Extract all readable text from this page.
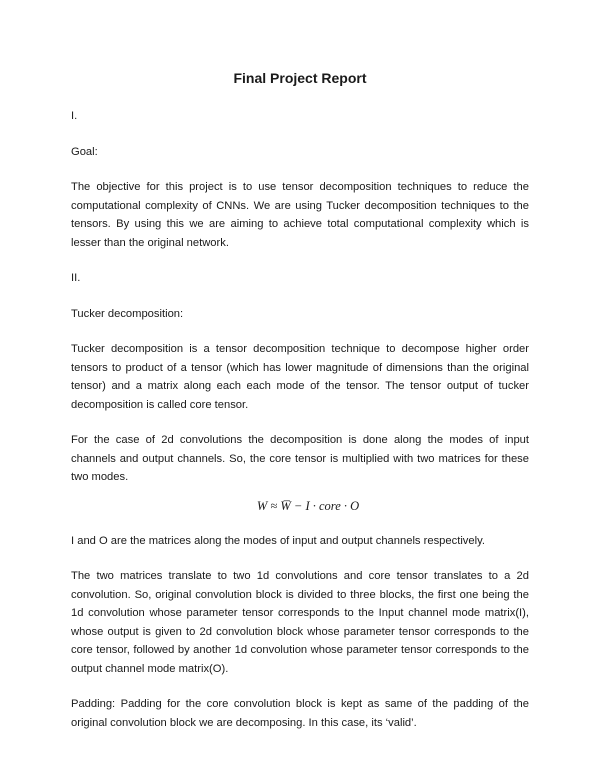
Final Project Report

I.

Goal:

The objective for this project is to use tensor decomposition techniques to reduce the computational complexity of CNNs. We are using Tucker decomposition techniques to the tensors. By using this we are aiming to achieve total computational complexity which is lesser than the original network.

II.

Tucker decomposition:

Tucker decomposition is a tensor decomposition technique to decompose higher order tensors to product of a tensor (which has lower magnitude of dimensions than the original tensor) and a matrix along each each mode of the tensor. The tensor output of tucker decomposition is called core tensor.

For the case of 2d convolutions the decomposition is done along the modes of input channels and output channels. So, the core tensor is multiplied with two matrices for these two modes.

W ≈ W̅ − I · core · O

I and O are the matrices along the modes of input and output channels respectively.

The two matrices translate to two 1d convolutions and core tensor translates to a 2d convolution. So, original convolution block is divided to three blocks, the first one being the 1d convolution whose parameter tensor corresponds to the Input channel mode matrix(I), whose output is given to 2d convolution block whose parameter tensor corresponds to the core tensor, followed by another 1d convolution whose parameter tensor corresponds to the output channel mode matrix(O).

Padding: Padding for the core convolution block is kept as same of the padding of the original convolution block we are decomposing. In this case, its ‘valid’.
